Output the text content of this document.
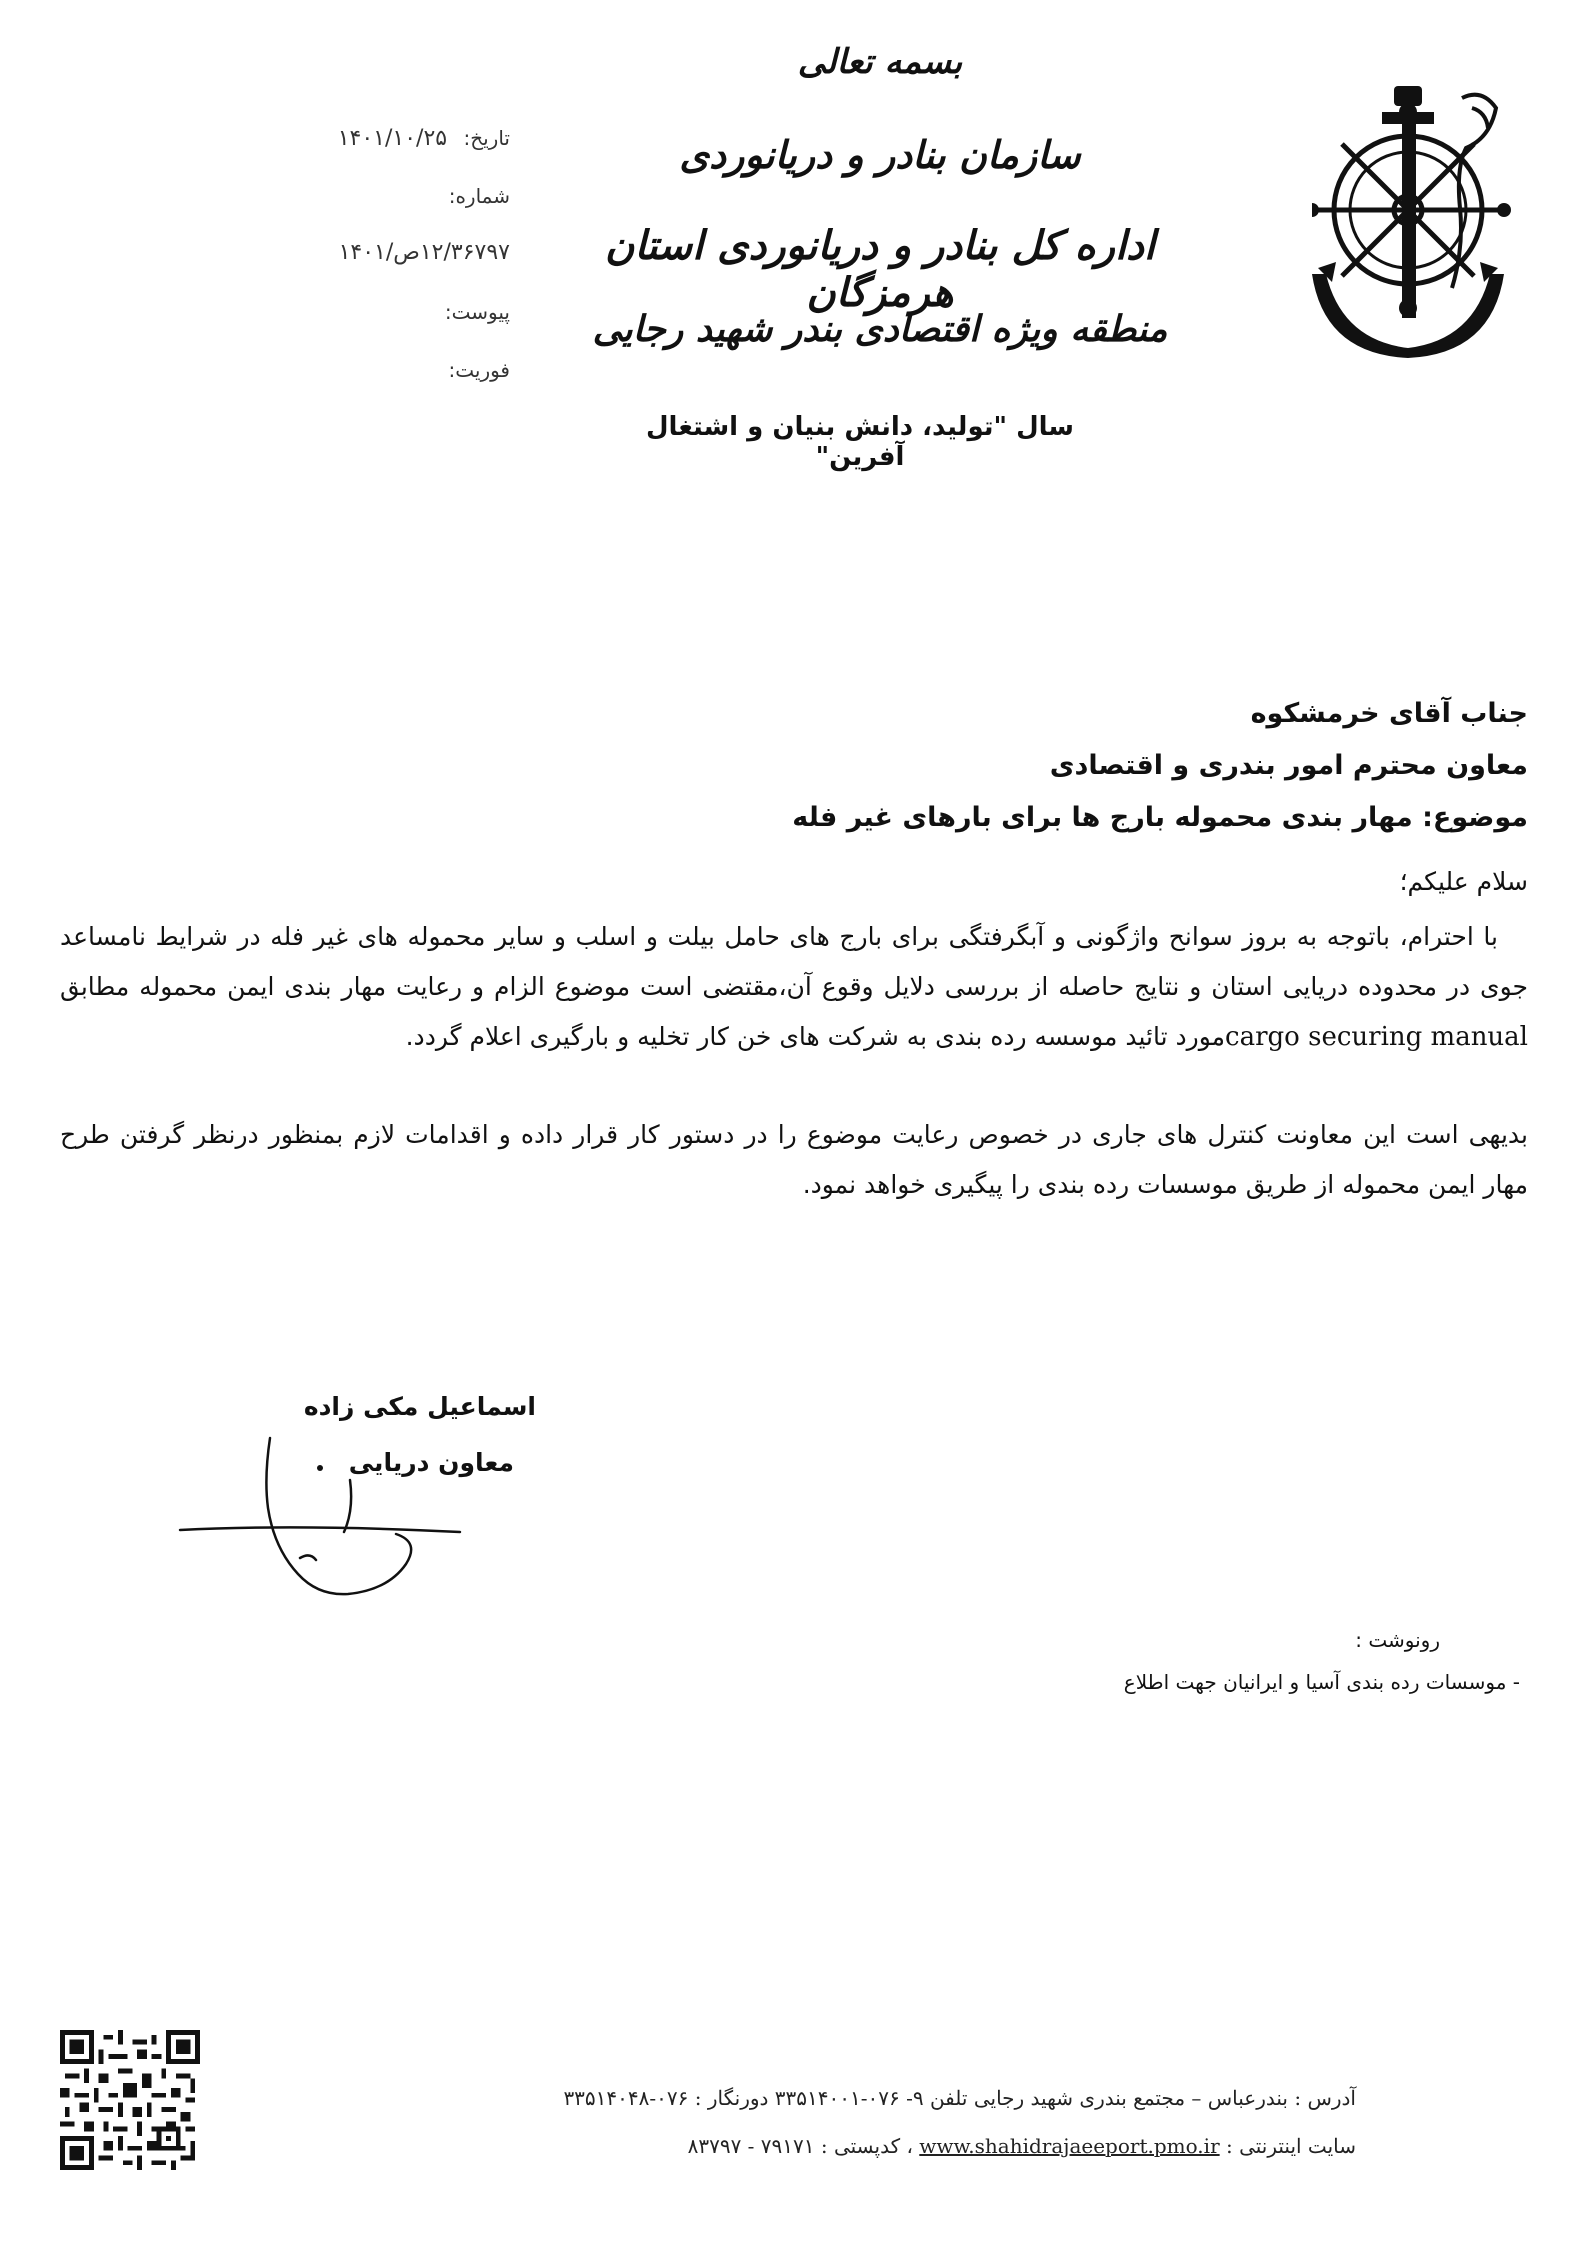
بسمه تعالی
سازمان بنادر و دریانوردی
اداره کل بنادر و دریانوردی استان هرمزگان
منطقه ویژه اقتصادی بندر شهید رجایی
سال "تولید، دانش بنیان و اشتغال آفرین"
تاریخ: ۱۴۰۱/۱۰/۲۵
شماره:
۱۲/۳۶۷۹۷ص/۱۴۰۱
پیوست:
فوریت:
جناب آقای خرمشکوه
معاون محترم امور بندری و اقتصادی
موضوع: مهار بندی محموله بارج ها برای بارهای غیر فله
سلام علیکم؛
با احترام، باتوجه به بروز سوانح واژگونی و آبگرفتگی برای بارج های حامل بیلت و اسلب و سایر محموله های غیر فله در شرایط نامساعد جوی در محدوده دریایی استان و نتایج حاصله از بررسی دلایل وقوع آن،مقتضی است موضوع الزام و رعایت مهار بندی ایمن محموله مطابق cargo securing manualمورد تائید موسسه رده بندی به شرکت های خن کار تخلیه و بارگیری اعلام گردد.
بدیهی است این معاونت کنترل های جاری در خصوص رعایت موضوع را در دستور کار قرار داده و اقدامات لازم بمنظور درنظر گرفتن طرح مهار ایمن محموله از طریق موسسات رده بندی را پیگیری خواهد نمود.
اسماعیل مکی زاده
معاون دریایی
رونوشت :
- موسسات رده بندی آسیا و ایرانیان جهت اطلاع
آدرس : بندرعباس – مجتمع بندری شهید رجایی تلفن ۹- ۰۷۶-۳۳۵۱۴۰۰۱ دورنگار : ۰۷۶-۳۳۵۱۴۰۴۸
سایت اینترنتی : www.shahidrajaeeport.pmo.ir ، کدپستی : ۷۹۱۷۱ - ۸۳۷۹۷
